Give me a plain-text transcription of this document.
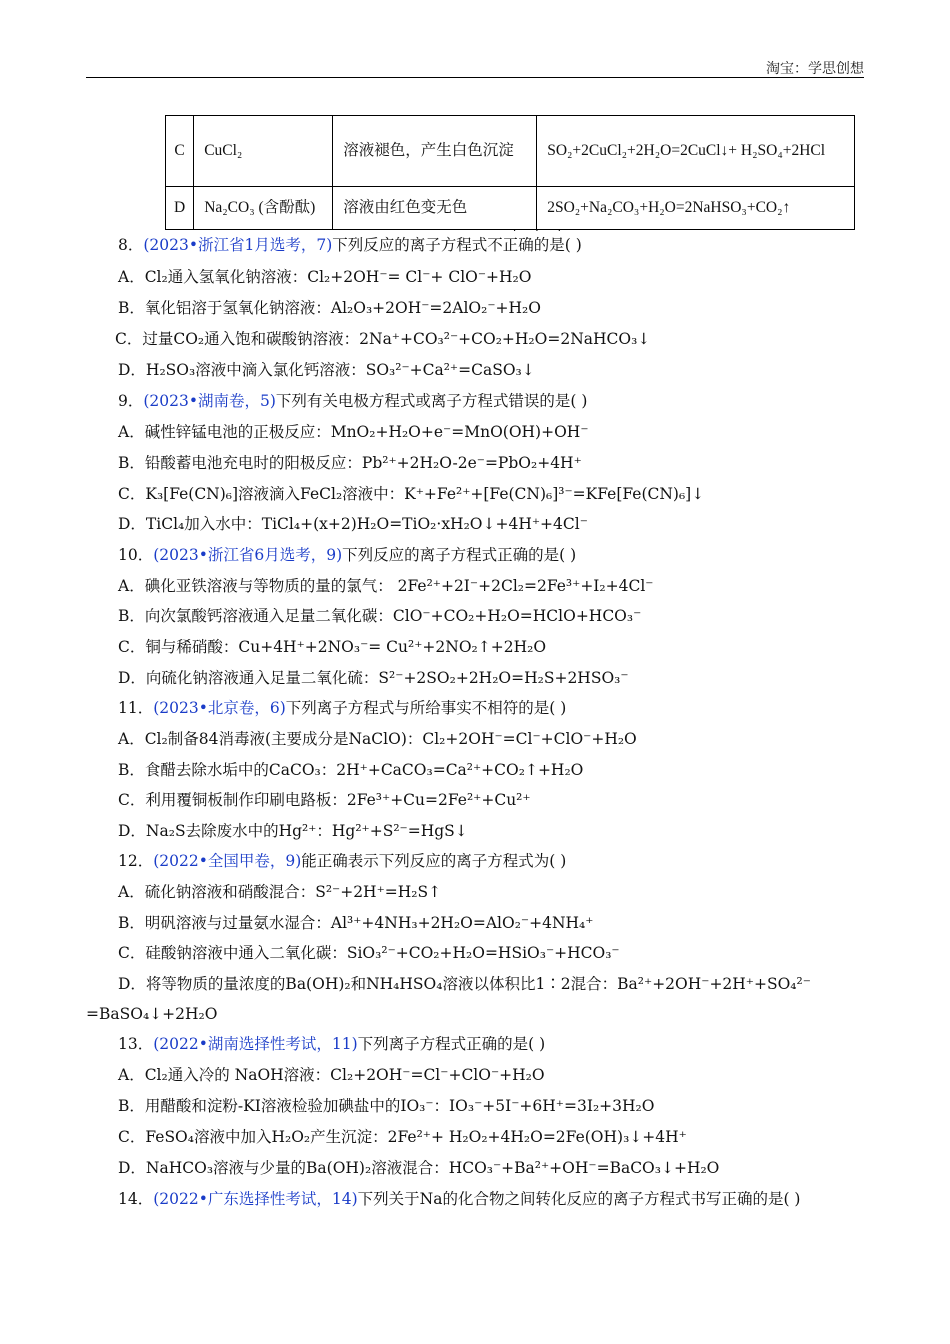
淘宝：学思创想
C	CuCl₂	溶液褪色，产生白色沉淀	SO₂+2CuCl₂+2H₂O=2CuCl↓+ H₂SO₄+2HCl
D	Na₂CO₃ (含酚酞)	溶液由红色变无色	2SO₂+Na₂CO₃+H₂O=2NaHSO₃+CO₂↑
· · ·
8．(2023•浙江省1月选考，7)下列反应的离子方程式不正确的是( )
A．Cl₂通入氢氧化钠溶液：Cl₂+2OH⁻= Cl⁻+ ClO⁻+H₂O
B．氧化铝溶于氢氧化钠溶液：Al₂O₃+2OH⁻=2AlO₂⁻+H₂O
C．过量CO₂通入饱和碳酸钠溶液：2Na⁺+CO₃²⁻+CO₂+H₂O=2NaHCO₃↓
D．H₂SO₃溶液中滴入氯化钙溶液：SO₃²⁻+Ca²⁺=CaSO₃↓
9．(2023•湖南卷，5)下列有关电极方程式或离子方程式错误的是( )
A．碱性锌锰电池的正极反应：MnO₂+H₂O+e⁻=MnO(OH)+OH⁻
B．铅酸蓄电池充电时的阳极反应：Pb²⁺+2H₂O-2e⁻=PbO₂+4H⁺
C．K₃[Fe(CN)₆]溶液滴入FeCl₂溶液中：K⁺+Fe²⁺+[Fe(CN)₆]³⁻=KFe[Fe(CN)₆]↓
D．TiCl₄加入水中：TiCl₄+(x+2)H₂O=TiO₂·xH₂O↓+4H⁺+4Cl⁻
10．(2023•浙江省6月选考，9)下列反应的离子方程式正确的是( )
A．碘化亚铁溶液与等物质的量的氯气： 2Fe²⁺+2I⁻+2Cl₂=2Fe³⁺+I₂+4Cl⁻
B．向次氯酸钙溶液通入足量二氧化碳：ClO⁻+CO₂+H₂O=HClO+HCO₃⁻
C．铜与稀硝酸：Cu+4H⁺+2NO₃⁻= Cu²⁺+2NO₂↑+2H₂O
D．向硫化钠溶液通入足量二氧化硫：S²⁻+2SO₂+2H₂O=H₂S+2HSO₃⁻
11．(2023•北京卷，6)下列离子方程式与所给事实不相符的是( )
A．Cl₂制备84消毒液(主要成分是NaClO)：Cl₂+2OH⁻=Cl⁻+ClO⁻+H₂O
B．食醋去除水垢中的CaCO₃：2H⁺+CaCO₃=Ca²⁺+CO₂↑+H₂O
C．利用覆铜板制作印刷电路板：2Fe³⁺+Cu=2Fe²⁺+Cu²⁺
D．Na₂S去除废水中的Hg²⁺：Hg²⁺+S²⁻=HgS↓
12．(2022•全国甲卷，9)能正确表示下列反应的离子方程式为( )
A．硫化钠溶液和硝酸混合：S²⁻+2H⁺=H₂S↑
B．明矾溶液与过量氨水湿合：Al³⁺+4NH₃+2H₂O=AlO₂⁻+4NH₄⁺
C．硅酸钠溶液中通入二氧化碳：SiO₃²⁻+CO₂+H₂O=HSiO₃⁻+HCO₃⁻
D．将等物质的量浓度的Ba(OH)₂和NH₄HSO₄溶液以体积比1∶2混合：Ba²⁺+2OH⁻+2H⁺+SO₄²⁻
=BaSO₄↓+2H₂O
13．(2022•湖南选择性考试，11)下列离子方程式正确的是( )
A．Cl₂通入冷的 NaOH溶液：Cl₂+2OH⁻=Cl⁻+ClO⁻+H₂O
B．用醋酸和淀粉-KI溶液检验加碘盐中的IO₃⁻：IO₃⁻+5I⁻+6H⁺=3I₂+3H₂O
C．FeSO₄溶液中加入H₂O₂产生沉淀：2Fe²⁺+ H₂O₂+4H₂O=2Fe(OH)₃↓+4H⁺
D．NaHCO₃溶液与少量的Ba(OH)₂溶液混合：HCO₃⁻+Ba²⁺+OH⁻=BaCO₃↓+H₂O
14．(2022•广东选择性考试，14)下列关于Na的化合物之间转化反应的离子方程式书写正确的是( )
